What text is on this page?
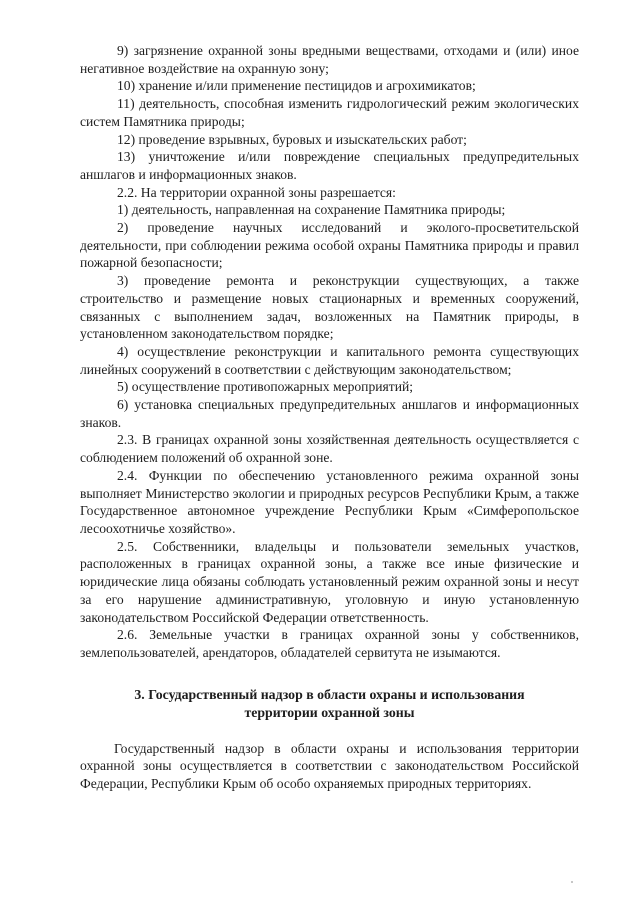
9) загрязнение охранной зоны вредными веществами, отходами и (или) иное негативное воздействие на охранную зону;

10) хранение и/или применение пестицидов и агрохимикатов;

11) деятельность, способная изменить гидрологический режим экологических систем Памятника природы;

12) проведение взрывных, буровых и изыскательских работ;

13) уничтожение и/или повреждение специальных предупредительных аншлагов и информационных знаков.

2.2. На территории охранной зоны разрешается:

1) деятельность, направленная на сохранение Памятника природы;

2) проведение научных исследований и эколого-просветительской деятельности, при соблюдении режима особой охраны Памятника природы и правил пожарной безопасности;

3) проведение ремонта и реконструкции существующих, а также строительство и размещение новых стационарных и временных сооружений, связанных с выполнением задач, возложенных на Памятник природы, в установленном законодательством порядке;

4) осуществление реконструкции и капитального ремонта существующих линейных сооружений в соответствии с действующим законодательством;

5) осуществление противопожарных мероприятий;

6) установка специальных предупредительных аншлагов и информационных знаков.

2.3. В границах охранной зоны хозяйственная деятельность осуществляется с соблюдением положений об охранной зоне.

2.4. Функции по обеспечению установленного режима охранной зоны выполняет Министерство экологии и природных ресурсов Республики Крым, а также Государственное автономное учреждение Республики Крым «Симферопольское лесоохотничье хозяйство».

2.5. Собственники, владельцы и пользователи земельных участков, расположенных в границах охранной зоны, а также все иные физические и юридические лица обязаны соблюдать установленный режим охранной зоны и несут за его нарушение административную, уголовную и иную установленную законодательством Российской Федерации ответственность.

2.6. Земельные участки в границах охранной зоны у собственников, землепользователей, арендаторов, обладателей сервитута не изымаются.

3. Государственный надзор в области охраны и использования
территории охранной зоны

Государственный надзор в области охраны и использования территории охранной зоны осуществляется в соответствии с законодательством Российской Федерации, Республики Крым об особо охраняемых природных территориях.
